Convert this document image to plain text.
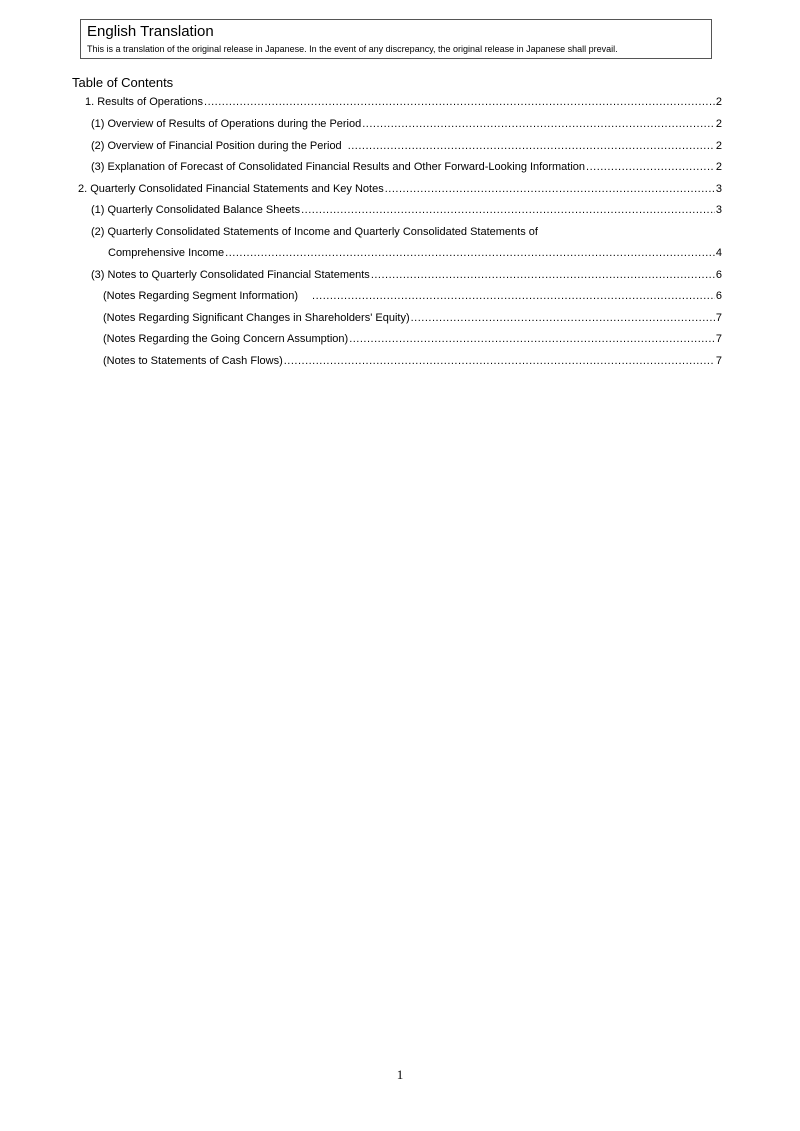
English Translation
This is a translation of the original release in Japanese. In the event of any discrepancy, the original release in Japanese shall prevail.
Table of Contents
1. Results of Operations .....	2
(1) Overview of Results of Operations during the Period .....	2
(2) Overview of Financial Position during the Period .....	2
(3) Explanation of Forecast of Consolidated Financial Results and Other Forward-Looking Information .....	2
2. Quarterly Consolidated Financial Statements and Key Notes .....	3
(1) Quarterly Consolidated Balance Sheets .....	3
(2) Quarterly Consolidated Statements of Income and Quarterly Consolidated Statements of
Comprehensive Income .....	4
(3) Notes to Quarterly Consolidated Financial Statements .....	6
(Notes Regarding Segment Information) .....	6
(Notes Regarding Significant Changes in Shareholders' Equity) .....	7
(Notes Regarding the Going Concern Assumption) .....	7
(Notes to Statements of Cash Flows) .....	7
1
